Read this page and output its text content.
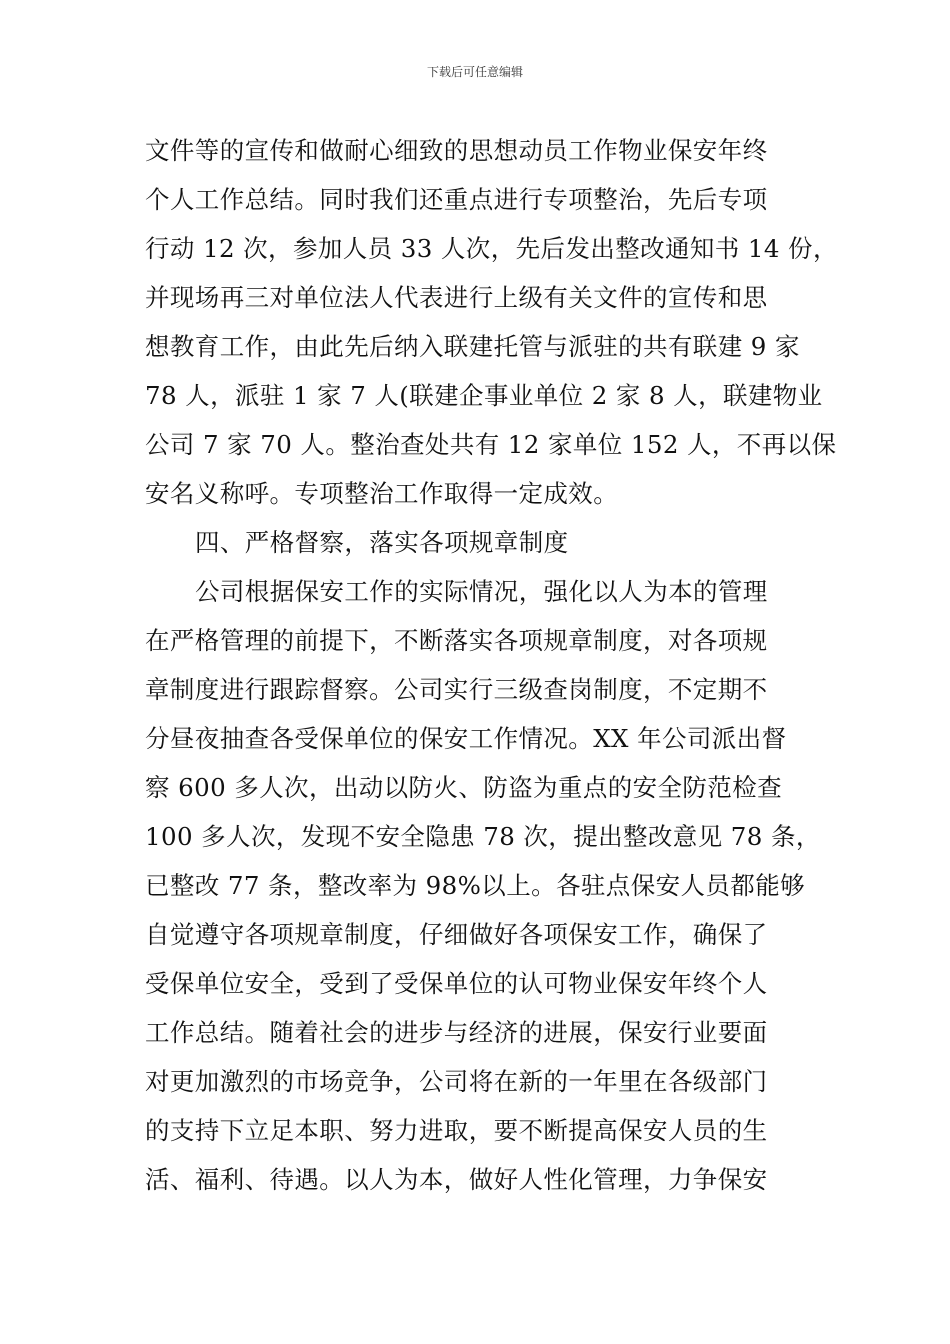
下载后可任意编辑
文件等的宣传和做耐心细致的思想动员工作物业保安年终
个人工作总结。同时我们还重点进行专项整治，先后专项
行动 12 次，参加人员 33 人次，先后发出整改通知书 14 份，
并现场再三对单位法人代表进行上级有关文件的宣传和思
想教育工作，由此先后纳入联建托管与派驻的共有联建 9 家
78 人，派驻 1 家 7 人(联建企事业单位 2 家 8 人，联建物业
公司 7 家 70 人。整治查处共有 12 家单位 152 人，不再以保
安名义称呼。专项整治工作取得一定成效。
四、严格督察，落实各项规章制度
公司根据保安工作的实际情况，强化以人为本的管理
在严格管理的前提下，不断落实各项规章制度，对各项规
章制度进行跟踪督察。公司实行三级查岗制度，不定期不
分昼夜抽查各受保单位的保安工作情况。XX 年公司派出督
察 600 多人次，出动以防火、防盗为重点的安全防范检查
100 多人次，发现不安全隐患 78 次，提出整改意见 78 条，
已整改 77 条，整改率为 98%以上。各驻点保安人员都能够
自觉遵守各项规章制度，仔细做好各项保安工作，确保了
受保单位安全，受到了受保单位的认可物业保安年终个人
工作总结。随着社会的进步与经济的进展，保安行业要面
对更加激烈的市场竞争，公司将在新的一年里在各级部门
的支持下立足本职、努力进取，要不断提高保安人员的生
活、福利、待遇。以人为本，做好人性化管理，力争保安
